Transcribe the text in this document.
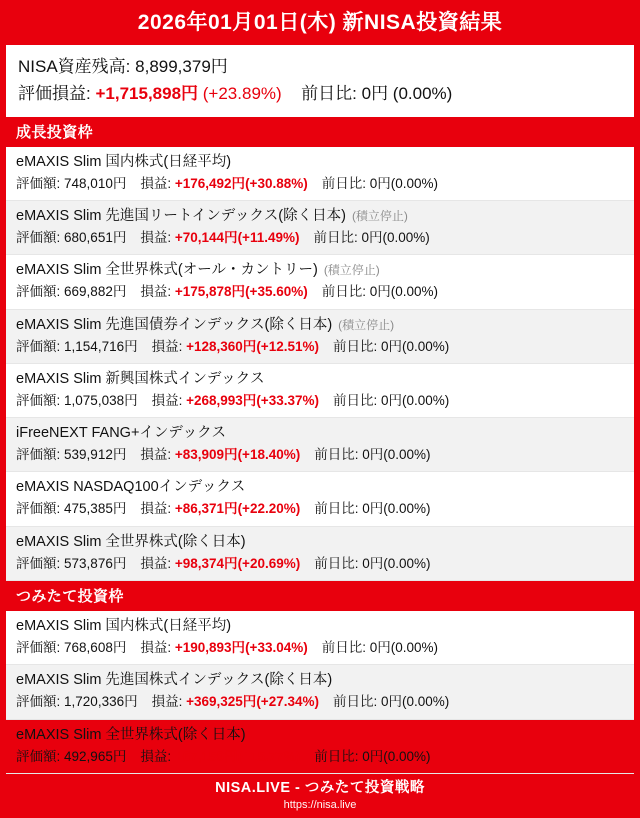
2026年01月01日(木) 新NISA投資結果
NISA資産残高: 8,899,379円
評価損益: +1,715,898円 (+23.89%) 前日比: 0円 (0.00%)
成長投資枠
eMAXIS Slim 国内株式(日経平均)
評価額: 748,010円 損益: +176,492円(+30.88%) 前日比: 0円(0.00%)
eMAXIS Slim 先進国リートインデックス(除く日本) (積立停止)
評価額: 680,651円 損益: +70,144円(+11.49%) 前日比: 0円(0.00%)
eMAXIS Slim 全世界株式(オール・カントリー) (積立停止)
評価額: 669,882円 損益: +175,878円(+35.60%) 前日比: 0円(0.00%)
eMAXIS Slim 先進国債券インデックス(除く日本) (積立停止)
評価額: 1,154,716円 損益: +128,360円(+12.51%) 前日比: 0円(0.00%)
eMAXIS Slim 新興国株式インデックス
評価額: 1,075,038円 損益: +268,993円(+33.37%) 前日比: 0円(0.00%)
iFreeNEXT FANG+インデックス
評価額: 539,912円 損益: +83,909円(+18.40%) 前日比: 0円(0.00%)
eMAXIS NASDAQ100インデックス
評価額: 475,385円 損益: +86,371円(+22.20%) 前日比: 0円(0.00%)
eMAXIS Slim 全世界株式(除く日本)
評価額: 573,876円 損益: +98,374円(+20.69%) 前日比: 0円(0.00%)
つみたて投資枠
eMAXIS Slim 国内株式(日経平均)
評価額: 768,608円 損益: +190,893円(+33.04%) 前日比: 0円(0.00%)
eMAXIS Slim 先進国株式インデックス(除く日本)
評価額: 1,720,336円 損益: +369,325円(+27.34%) 前日比: 0円(0.00%)
eMAXIS Slim 全世界株式(除く日本)
評価額: 492,965円 損益: +67,159円(+15.77%) 前日比: 0円(0.00%)
NISA.LIVE - つみたて投資戦略
https://nisa.live
